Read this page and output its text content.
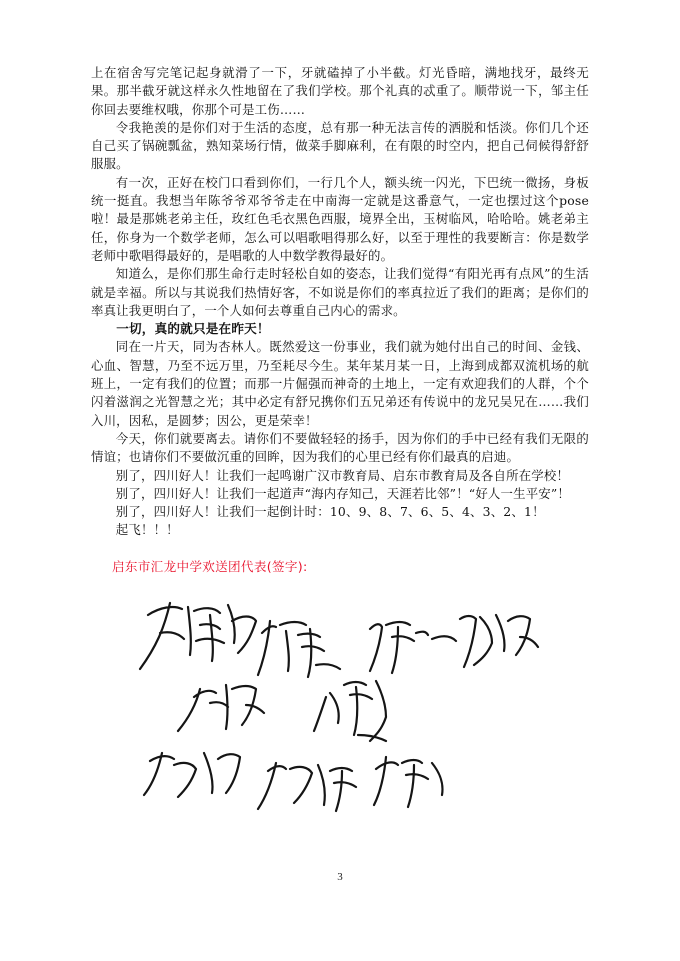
上在宿舍写完笔记起身就滑了一下，牙就磕掉了小半截。灯光昏暗，满地找牙，最终无果。那半截牙就这样永久性地留在了我们学校。那个礼真的忒重了。顺带说一下，邹主任你回去要维权哦，你那个可是工伤……

令我艳羡的是你们对于生活的态度，总有那一种无法言传的洒脱和恬淡。你们几个还自己买了锅碗瓢盆，熟知菜场行情，做菜手脚麻利，在有限的时空内，把自己伺候得舒舒服服。

有一次，正好在校门口看到你们，一行几个人，额头统一闪光，下巴统一微扬，身板统一挺直。我想当年陈爷爷邓爷爷走在中南海一定就是这番意气，一定也摆过这个pose啦！最是那姚老弟主任，玫红色毛衣黑色西服，境界全出，玉树临风，哈哈哈。姚老弟主任，你身为一个数学老师，怎么可以唱歌唱得那么好，以至于理性的我要断言：你是数学老师中歌唱得最好的，是唱歌的人中数学教得最好的。

知道么，是你们那生命行走时轻松自如的姿态，让我们觉得“有阳光再有点风”的生活就是幸福。所以与其说我们热情好客，不如说是你们的率真拉近了我们的距离；是你们的率真让我更明白了，一个人如何去尊重自己内心的需求。

一切，真的就只是在昨天！

同在一片天，同为杏林人。既然爱这一份事业，我们就为她付出自己的时间、金钱、心血、智慧，乃至不远万里，乃至耗尽今生。某年某月某一日，上海到成都双流机场的航班上，一定有我们的位置；而那一片倔强而神奇的土地上，一定有欢迎我们的人群，个个闪着滋润之光智慧之光；其中必定有舒兄携你们五兄弟还有传说中的龙兄吴兄在……我们入川，因私，是圆梦；因公，更是荣幸！

今天，你们就要离去。请你们不要做轻轻的扬手，因为你们的手中已经有我们无限的情谊；也请你们不要做沉重的回眸，因为我们的心里已经有你们最真的启迪。

别了，四川好人！让我们一起鸣谢广汉市教育局、启东市教育局及各自所在学校！

别了，四川好人！让我们一起道声“海内存知己，天涯若比邻”！“好人一生平安”！

别了，四川好人！让我们一起倒计时：10、9、8、7、6、5、4、3、2、1！

起飞！！！

启东市汇龙中学欢送团代表(签字):
3
